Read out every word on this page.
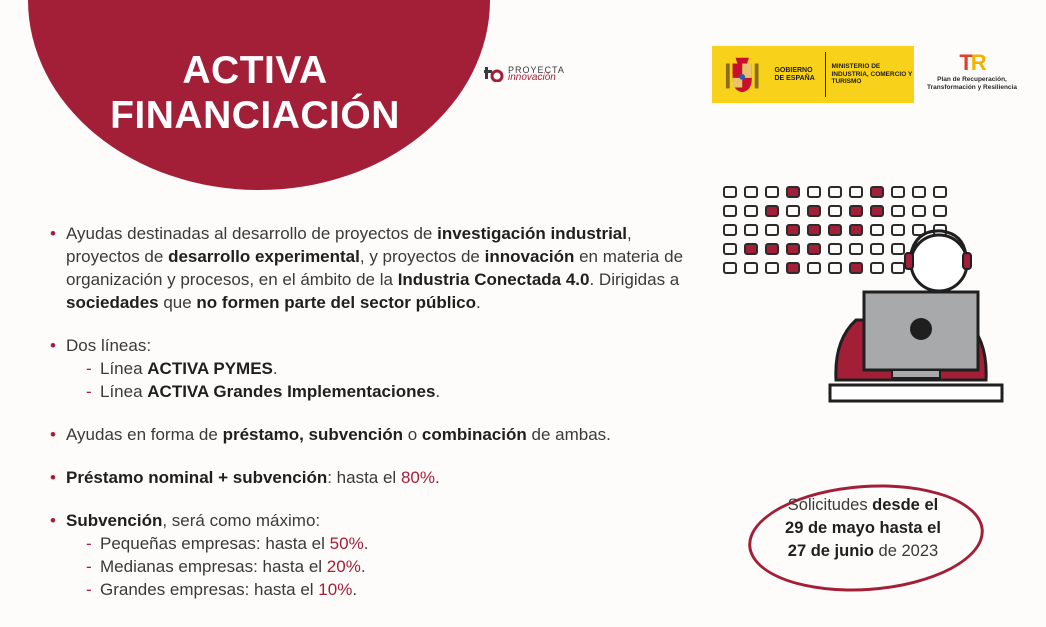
AYUDAS NACIONALES
ACTIVA
FINANCIACIÓN
PROYECTA
innovación
GOBIERNO DE ESPAÑA
MINISTERIO DE INDUSTRIA, COMERCIO Y TURISMO
TR
Plan de Recuperación,
Transformación y Resiliencia
• Ayudas destinadas al desarrollo de proyectos de investigación industrial, proyectos de desarrollo experimental, y proyectos de innovación en materia de organización y procesos, en el ámbito de la Industria Conectada 4.0. Dirigidas a sociedades que no formen parte del sector público.
• Dos líneas:
- Línea ACTIVA PYMES.
- Línea ACTIVA Grandes Implementaciones.
• Ayudas en forma de préstamo, subvención o combinación de ambas.
• Préstamo nominal + subvención: hasta el 80%.
• Subvención, será como máximo:
- Pequeñas empresas: hasta el 50%.
- Medianas empresas: hasta el 20%.
- Grandes empresas: hasta el 10%.
Solicitudes desde el
29 de mayo hasta el
27 de junio de 2023
